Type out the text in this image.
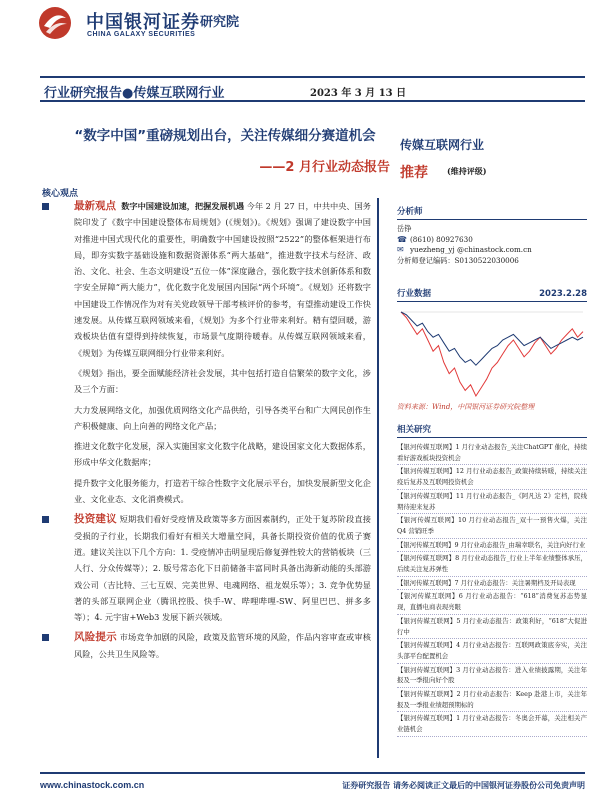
中国银河证券
CHINA GALAXY SECURITIES
研究院
行业研究报告●传媒互联网行业	2023 年 3 月 13 日
“数字中国”重磅规划出台，关注传媒细分赛道机会
——2 月行业动态报告
核心观点
传媒互联网行业
推荐 (维持评级)
最新观点 数字中国建设加速，把握发展机遇 今年 2 月 27 日，中共中央、国务院印发了《数字中国建设整体布局规划》(《规划》)。《规划》强调了建设数字中国对推进中国式现代化的重要性，明确数字中国建设按照“2522”的整体框架进行布局，即夯实数字基础设施和数据资源体系“两大基础”，推进数字技术与经济、政治、文化、社会、生态文明建设“五位一体”深度融合，强化数字技术创新体系和数字安全屏障“两大能力”，优化数字化发展国内国际“两个环境”。《规划》还将数字中国建设工作情况作为对有关党政领导干部考核评价的参考，有望推动建设工作快速发展。从传媒互联网领域来看，《规划》为多个行业带来利好。精有望回暖，游戏板块估值有望得到持续恢复，市场景气度期待暖春。从传媒互联网领域来看，《规划》为传媒互联网细分行业带来利好。
《规划》指出，要全面赋能经济社会发展，其中包括打造自信繁荣的数字文化，涉及三个方面：
大力发展网络文化，加强优质网络文化产品供给，引导各类平台和广大网民创作生产积极健康、向上向善的网络文化产品；
推进文化数字化发展，深入实施国家文化数字化战略，建设国家文化大数据体系，形成中华文化数据库；
提升数字文化服务能力，打造若干综合性数字文化展示平台，加快发展新型文化企业、文化业态、文化消费模式。
投资建议 短期我们看好受疫情及政策等多方面因素制约，正处于复苏阶段直接受损的子行业，长期我们看好有相关大增量空间，具备长期投资价值的优质子赛道。建议关注以下几个方向：1. 受疫情冲击明显现后修复弹性较大的营销板块（三人行、分众传媒等）；2. 版号常态化下日前储备丰富同时具备出海新动能的头部游戏公司（吉比特、三七互娱、完美世界、电魂网络、祖龙娱乐等）；3. 竞争优势显著的头部互联网企业（腾讯控股、快手-W、哔哩哔哩-SW、阿里巴巴、拼多多等）；4. 元宇宙+Web3 发展下新兴领域。
风险提示 市场竞争加剧的风险，政策及监管环境的风险，作品内容审查或审核风险，公共卫生风险等。
分析师
岳铮
☎ (8610) 80927630
✉ yuezheng_yj @chinastock.com.cn
分析师登记编码：S0130522030006
行业数据	2023.2.28
资料来源：Wind，中国银河证券研究院整理
相关研究
【银河传媒互联网】1 月行业动态报告_关注ChatGPT 催化，持续看好游戏板块投资机会
【银河传媒互联网】12 月行业动态报告_政策持续转暖，持续关注疫后复苏及互联网投资机会
【银河传媒互联网】11 月行业动态报告_《阿凡达 2》定档，院线期待迎来复苏
【银河传媒互联网】10 月行业动态报告_双十一预售火爆，关注 Q4 营销旺季
【银河传媒互联网】9 月行业动态报告_由瑞幸联名，关注向好行业
【银河传媒互联网】8 月行业动态报告_行业上半年业绩整体承压，后续关注复苏弹性
【银河传媒互联网】7 月行业动态报告：关注暑期档及开局表现
【银河传媒互联网】6 月行业动态报告：“618”消费复苏态势显现，直播电商表现亮眼
【银河传媒互联网】5 月行业动态报告：政策利好，“618”大促进行中
【银河传媒互联网】4 月行业动态报告：互联网政策底夯实，关注头部平台配置机会
【银河传媒互联网】3 月行业动态报告：进入业绩披露期，关注年报及一季报向好个股
【银河传媒互联网】2 月行业动态报告：Keep 赴港上市，关注年报及一季报业绩超预期标的
【银河传媒互联网】1 月行业动态报告：冬奥会开幕，关注相关产业链机会
www.chinastock.com.cn	证券研究报告 请务必阅读正文最后的中国银河证券股份公司免责声明
